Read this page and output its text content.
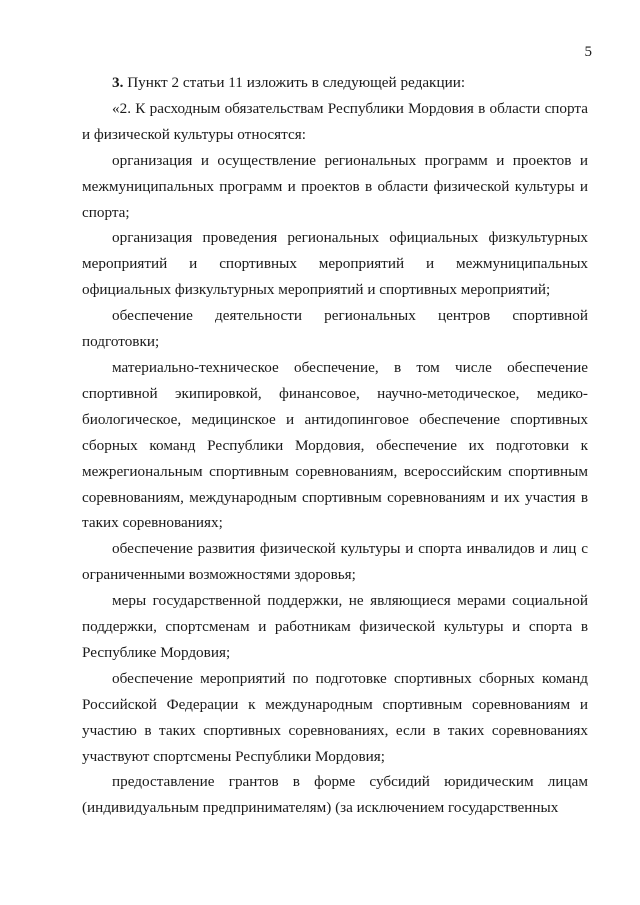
5

3. Пункт 2 статьи 11 изложить в следующей редакции:

«2. К расходным обязательствам Республики Мордовия в области спорта и физической культуры относятся:

организация и осуществление региональных программ и проектов и межмуниципальных программ и проектов в области физической культуры и спорта;

организация проведения региональных официальных физкультурных мероприятий и спортивных мероприятий и межмуниципальных официальных физкультурных мероприятий и спортивных мероприятий;

обеспечение деятельности региональных центров спортивной подготовки;

материально-техническое обеспечение, в том числе обеспечение спортивной экипировкой, финансовое, научно-методическое, медико-биологическое, медицинское и антидопинговое обеспечение спортивных сборных команд Республики Мордовия, обеспечение их подготовки к межрегиональным спортивным соревнованиям, всероссийским спортивным соревнованиям, международным спортивным соревнованиям и их участия в таких соревнованиях;

обеспечение развития физической культуры и спорта инвалидов и лиц с ограниченными возможностями здоровья;

меры государственной поддержки, не являющиеся мерами социальной поддержки, спортсменам и работникам физической культуры и спорта в Республике Мордовия;

обеспечение мероприятий по подготовке спортивных сборных команд Российской Федерации к международным спортивным соревнованиям и участию в таких спортивных соревнованиях, если в таких соревнованиях участвуют спортсмены Республики Мордовия;

предоставление грантов в форме субсидий юридическим лицам (индивидуальным предпринимателям) (за исключением государственных
